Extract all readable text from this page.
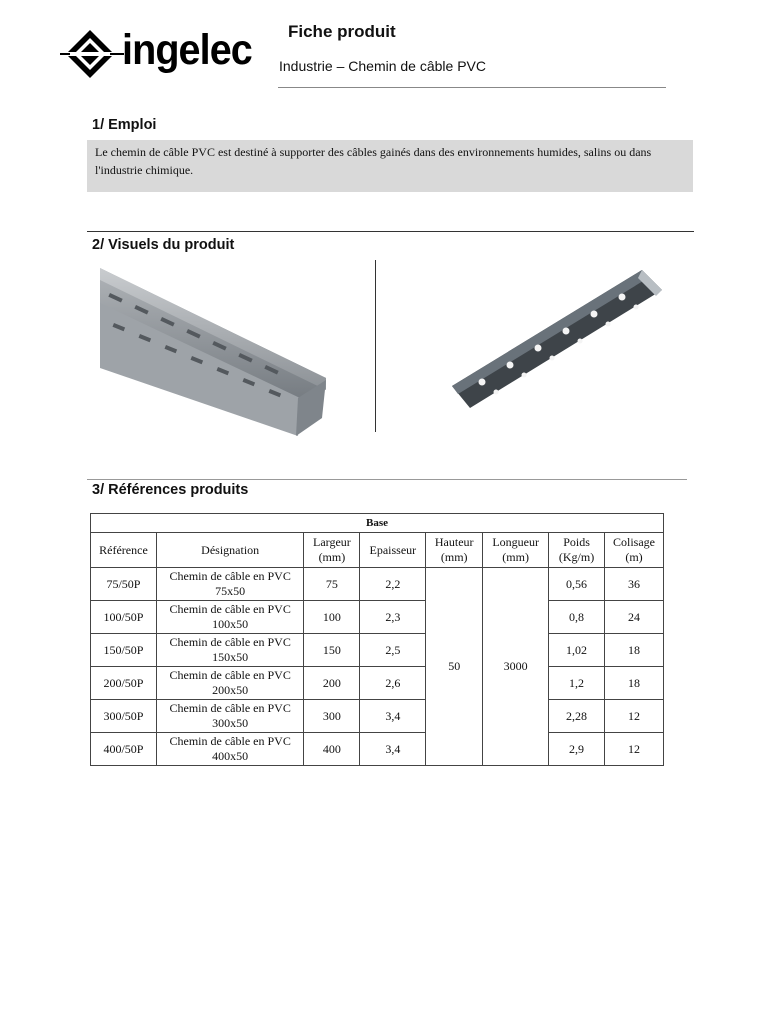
ingelec Fiche produit
Industrie – Chemin de câble PVC
1/ Emploi
Le chemin de câble PVC est destiné à supporter des câbles gainés dans des environnements humides, salins ou dans l'industrie chimique.
2/ Visuels du produit
3/ Références produits
Base							
Référence	Désignation	Largeur (mm)	Epaisseur	Hauteur (mm)	Longueur (mm)	Poids (Kg/m)	Colisage (m)
75/50P	Chemin de câble en PVC 75x50	75	2,2	50	3000	0,56	36
100/50P	Chemin de câble en PVC 100x50	100	2,3			0,8	24
150/50P	Chemin de câble en PVC 150x50	150	2,5			1,02	18
200/50P	Chemin de câble en PVC 200x50	200	2,6			1,2	18
300/50P	Chemin de câble en PVC 300x50	300	3,4			2,28	12
400/50P	Chemin de câble en PVC 400x50	400	3,4			2,9	12
